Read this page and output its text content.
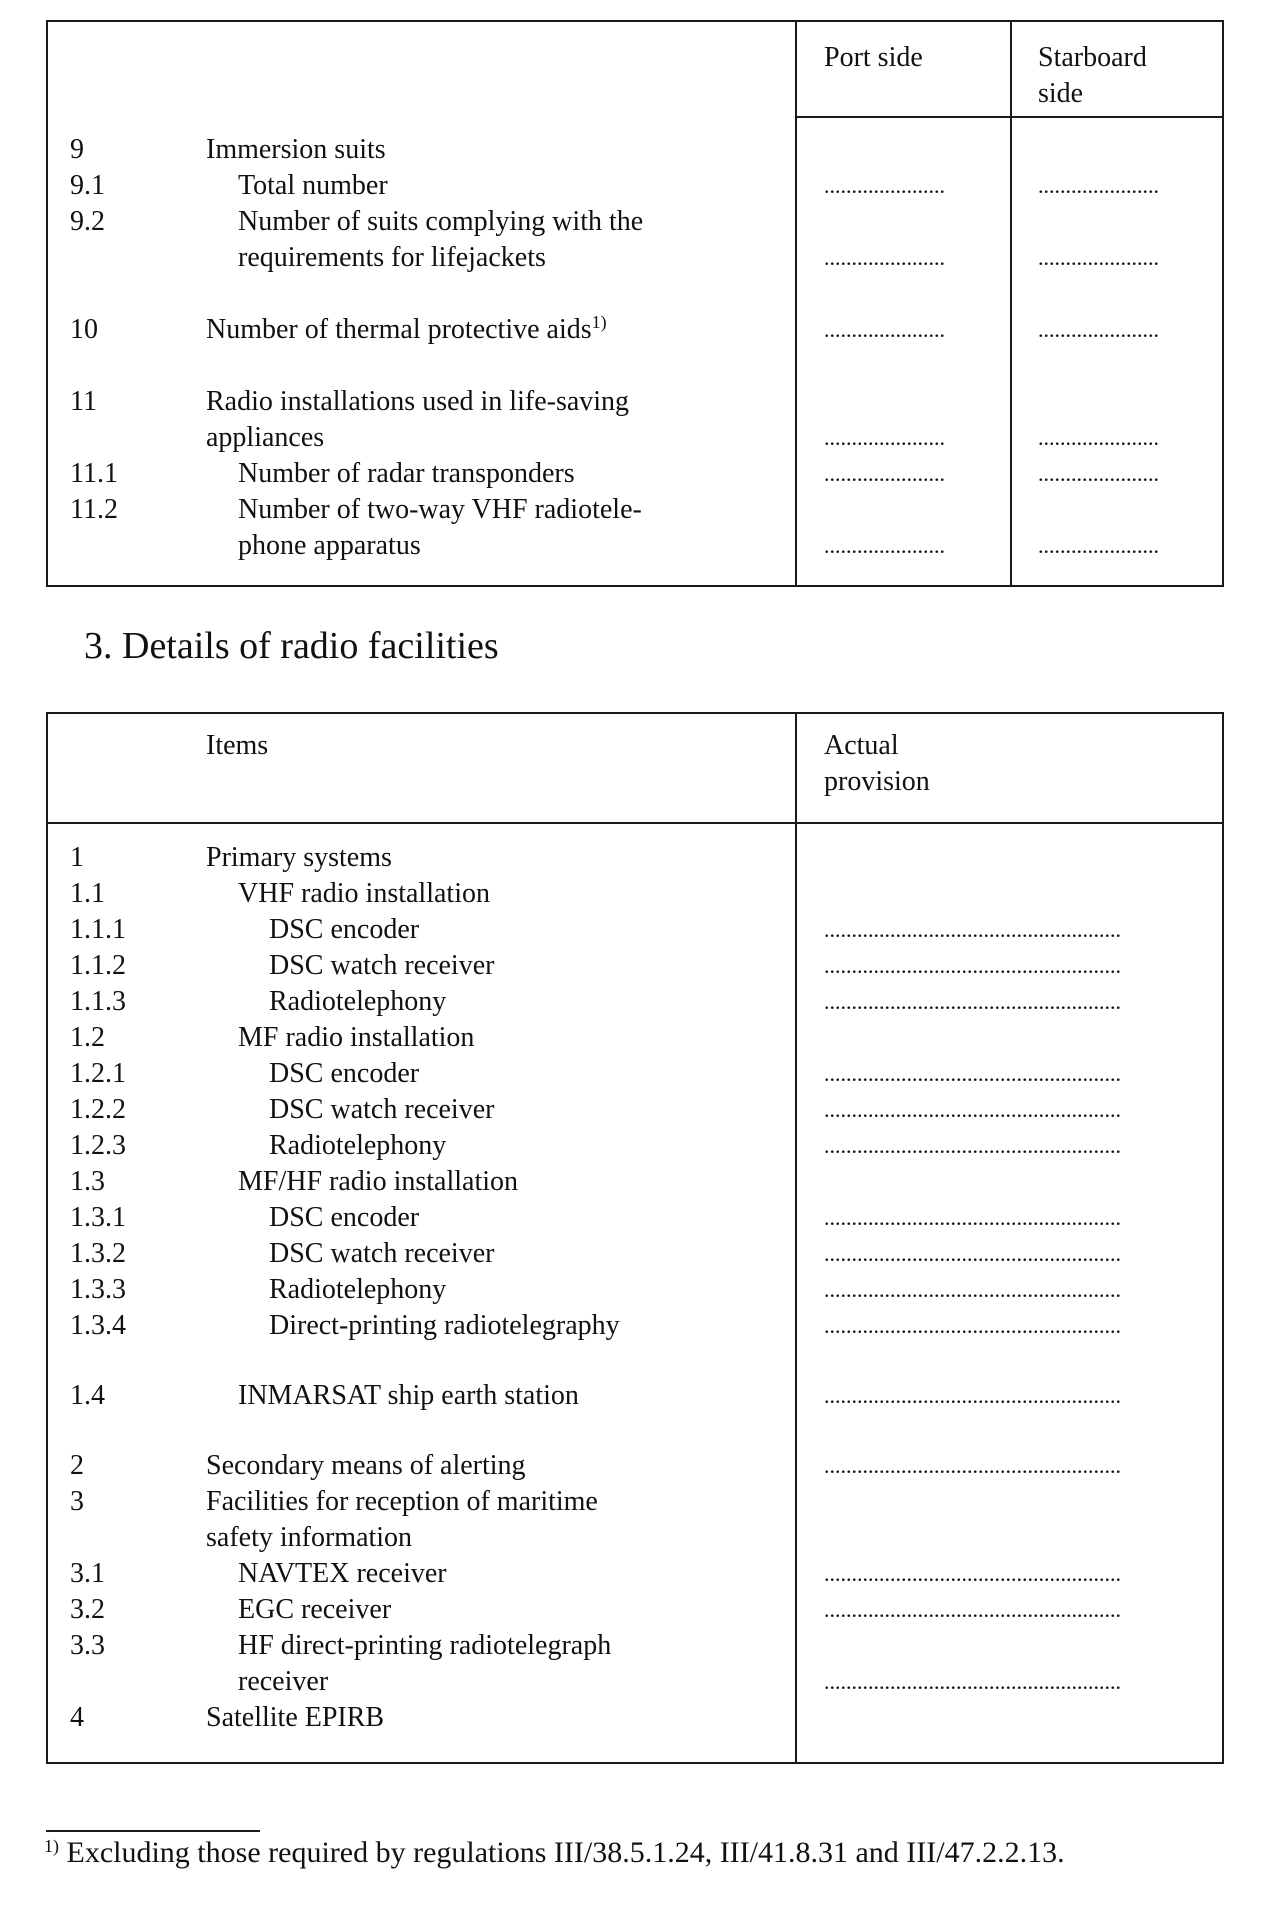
Port side	Starboard
side
9	Immersion suits
9.1	Total number	......................	......................
9.2	Number of suits complying with the
requirements for lifejackets	......................	......................
10	Number of thermal protective aids$^{1)}$	......................	......................
11	Radio installations used in life-saving
appliances	......................	......................
11.1	Number of radar transponders	......................	......................
11.2	Number of two-way VHF radiotele-
phone apparatus	......................	......................
3. Details of radio facilities
Items	Actual
provision
1	Primary systems
1.1	VHF radio installation
1.1.1	DSC encoder	......................................................
1.1.2	DSC watch receiver	......................................................
1.1.3	Radiotelephony	......................................................
1.2	MF radio installation
1.2.1	DSC encoder	......................................................
1.2.2	DSC watch receiver	......................................................
1.2.3	Radiotelephony	......................................................
1.3	MF/HF radio installation
1.3.1	DSC encoder	......................................................
1.3.2	DSC watch receiver	......................................................
1.3.3	Radiotelephony	......................................................
1.3.4	Direct-printing radiotelegraphy	......................................................
1.4	INMARSAT ship earth station	......................................................
2	Secondary means of alerting	......................................................
3	Facilities for reception of maritime
safety information
3.1	NAVTEX receiver	......................................................
3.2	EGC receiver	......................................................
3.3	HF direct-printing radiotelegraph
receiver	......................................................
4	Satellite EPIRB
$^{1)}$ Excluding those required by regulations III/38.5.1.24, III/41.8.31 and III/47.2.2.13.
